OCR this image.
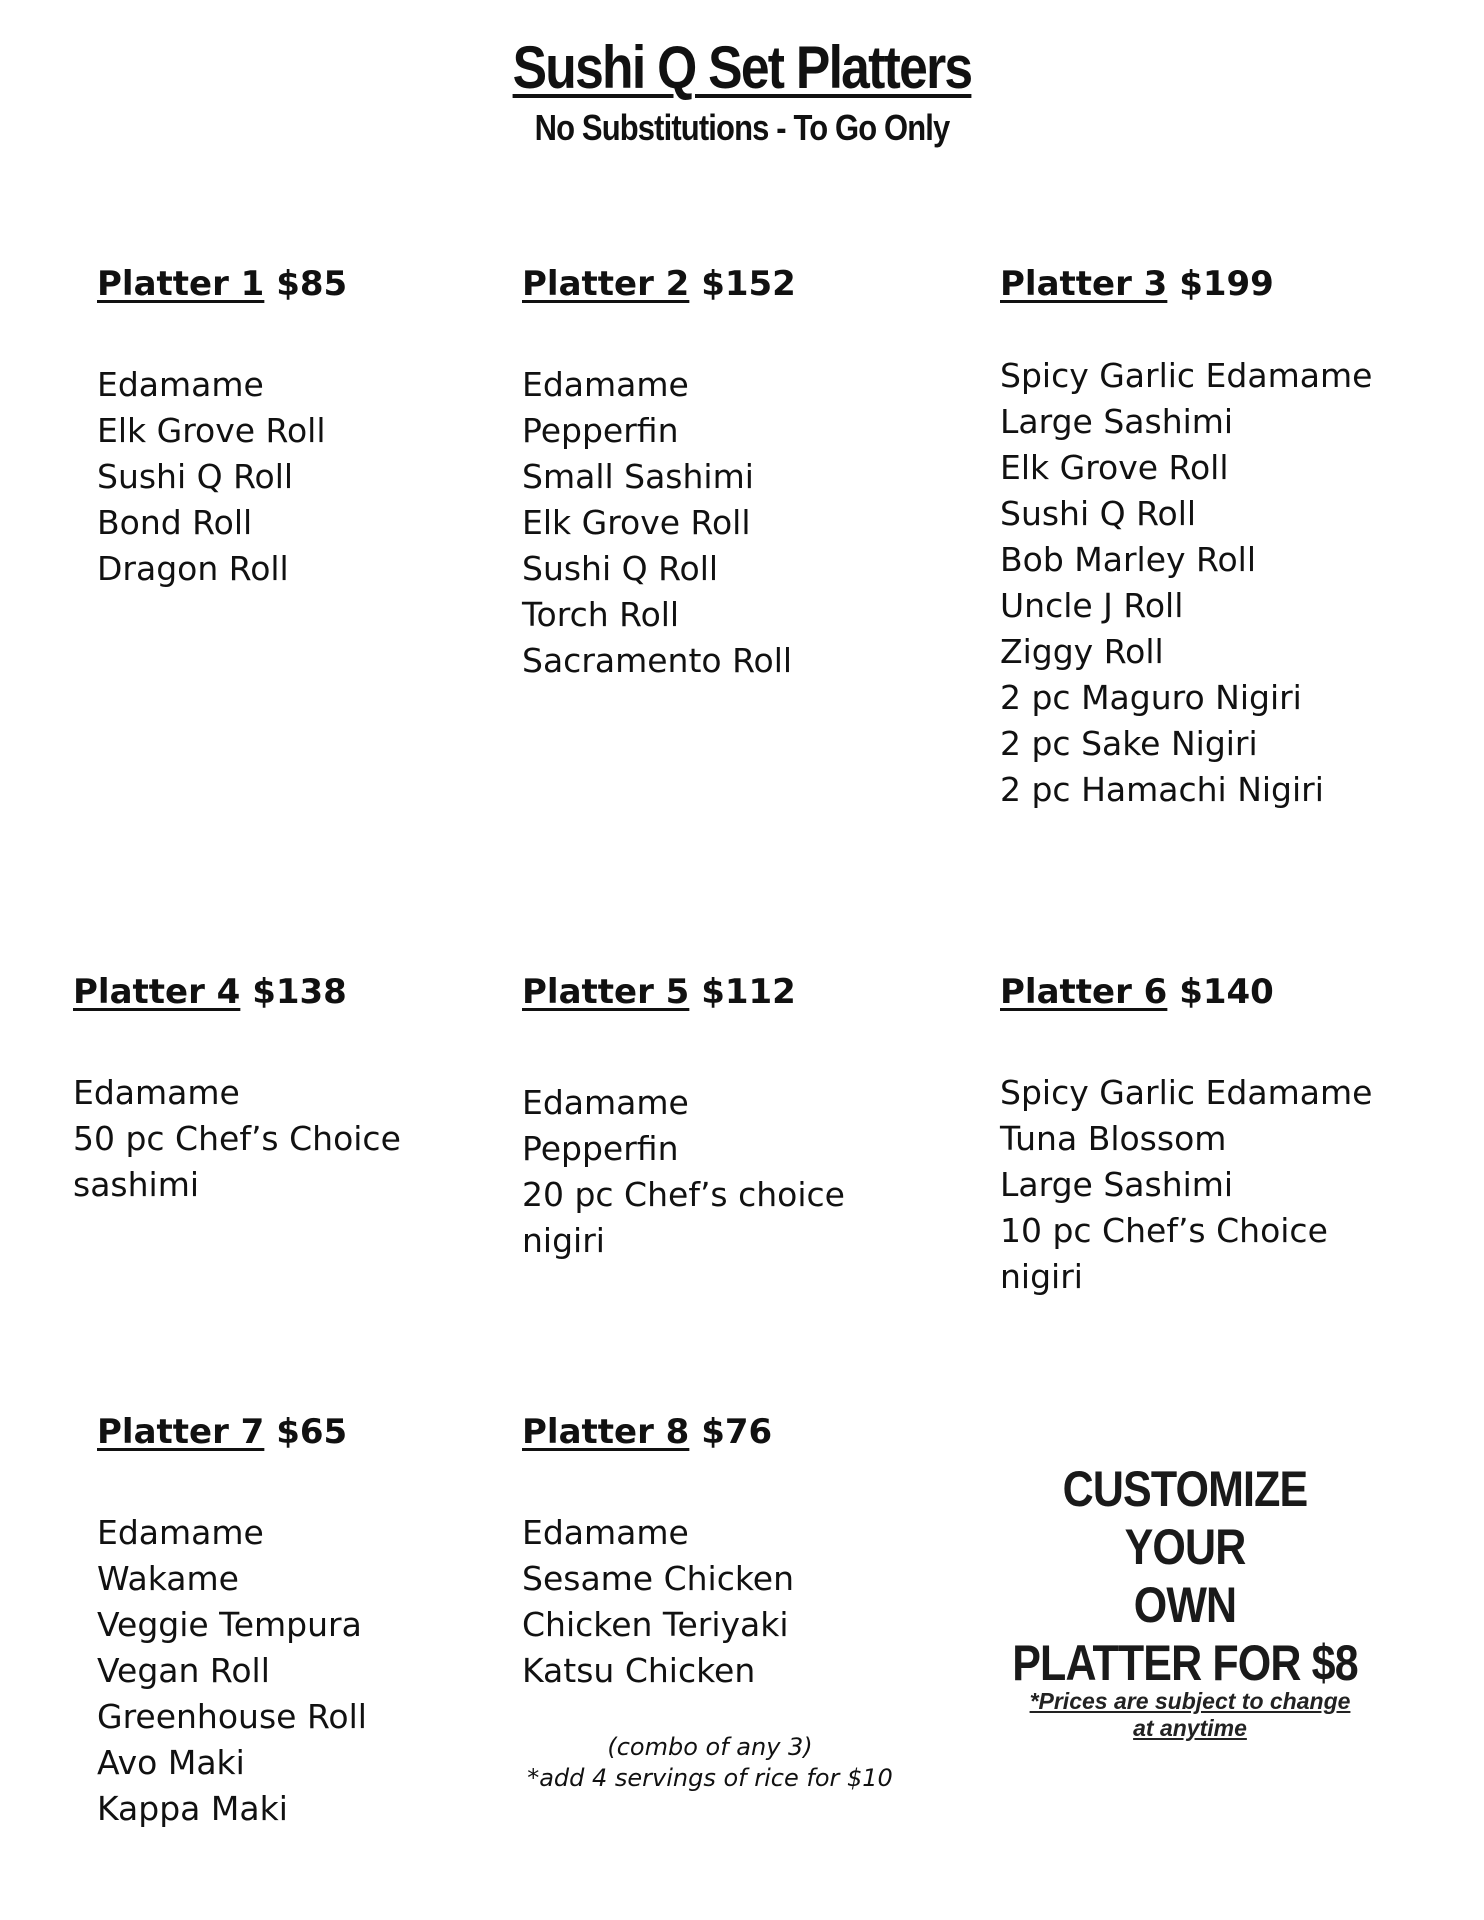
Sushi Q Set Platters
No Substitutions - To Go Only
Platter 1 $85
Edamame
Elk Grove Roll
Sushi Q Roll
Bond Roll
Dragon Roll
Platter 2 $152
Edamame
Pepperfin
Small Sashimi
Elk Grove Roll
Sushi Q Roll
Torch Roll
Sacramento Roll
Platter 3 $199
Spicy Garlic Edamame
Large Sashimi
Elk Grove Roll
Sushi Q Roll
Bob Marley Roll
Uncle J Roll
Ziggy Roll
2 pc Maguro Nigiri
2 pc Sake Nigiri
2 pc Hamachi Nigiri
Platter 4 $138
Edamame
50 pc Chef’s Choice sashimi
Platter 5 $112
Edamame
Pepperfin
20 pc Chef’s choice nigiri
Platter 6 $140
Spicy Garlic Edamame
Tuna Blossom
Large Sashimi
10 pc Chef’s Choice nigiri
Platter 7 $65
Edamame
Wakame
Veggie Tempura
Vegan Roll
Greenhouse Roll
Avo Maki
Kappa Maki
Platter 8 $76
Edamame
Sesame Chicken
Chicken Teriyaki
Katsu Chicken
(combo of any 3)
*add 4 servings of rice for $10
CUSTOMIZE YOUR
OWN
PLATTER FOR $8
*Prices are subject to change
at anytime
